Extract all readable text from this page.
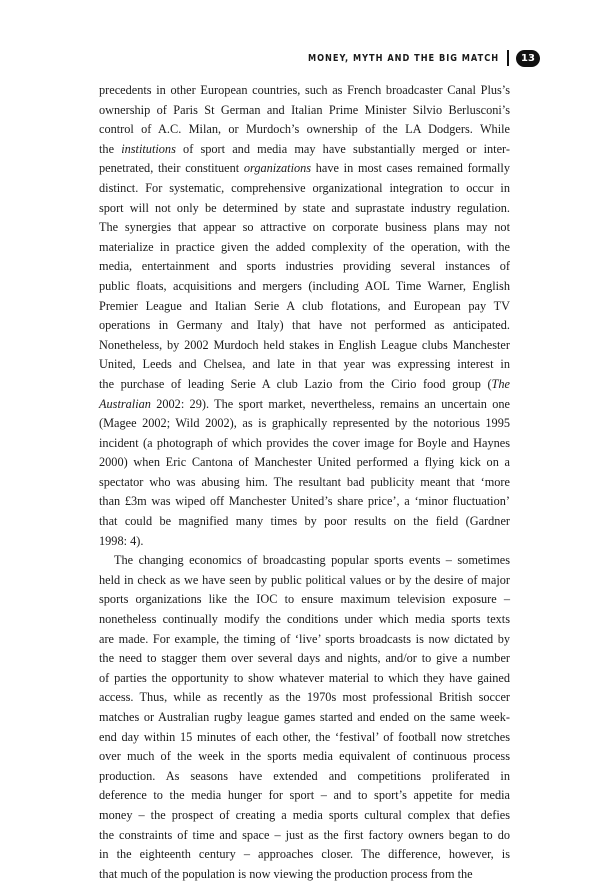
MONEY, MYTH AND THE BIG MATCH	13
precedents in other European countries, such as French broadcaster Canal Plus’s
ownership of Paris St German and Italian Prime Minister Silvio Berlusconi’s
control of A.C. Milan, or Murdoch’s ownership of the LA Dodgers. While
the institutions of sport and media may have substantially merged or inter-
penetrated, their constituent organizations have in most cases remained formally
distinct. For systematic, comprehensive organizational integration to occur in
sport will not only be determined by state and suprastate industry regulation.
The synergies that appear so attractive on corporate business plans may not
materialize in practice given the added complexity of the operation, with the
media, entertainment and sports industries providing several instances of
public floats, acquisitions and mergers (including AOL Time Warner, English
Premier League and Italian Serie A club flotations, and European pay TV
operations in Germany and Italy) that have not performed as anticipated.
Nonetheless, by 2002 Murdoch held stakes in English League clubs Manchester
United, Leeds and Chelsea, and late in that year was expressing interest in
the purchase of leading Serie A club Lazio from the Cirio food group (The
Australian 2002: 29). The sport market, nevertheless, remains an uncertain one
(Magee 2002; Wild 2002), as is graphically represented by the notorious 1995
incident (a photograph of which provides the cover image for Boyle and Haynes
2000) when Eric Cantona of Manchester United performed a flying kick on a
spectator who was abusing him. The resultant bad publicity meant that ‘more
than £3m was wiped off Manchester United’s share price’, a ‘minor fluctuation’
that could be magnified many times by poor results on the field (Gardner
1998: 4).
The changing economics of broadcasting popular sports events – sometimes
held in check as we have seen by public political values or by the desire of major
sports organizations like the IOC to ensure maximum television exposure –
nonetheless continually modify the conditions under which media sports texts
are made. For example, the timing of ‘live’ sports broadcasts is now dictated by
the need to stagger them over several days and nights, and/or to give a number
of parties the opportunity to show whatever material to which they have gained
access. Thus, while as recently as the 1970s most professional British soccer
matches or Australian rugby league games started and ended on the same week-
end day within 15 minutes of each other, the ‘festival’ of football now stretches
over much of the week in the sports media equivalent of continuous process
production. As seasons have extended and competitions proliferated in
deference to the media hunger for sport – and to sport’s appetite for media
money – the prospect of creating a media sports cultural complex that defies
the constraints of time and space – just as the first factory owners began to do
in the eighteenth century – approaches closer. The difference, however, is
that much of the population is now viewing the production process from the
